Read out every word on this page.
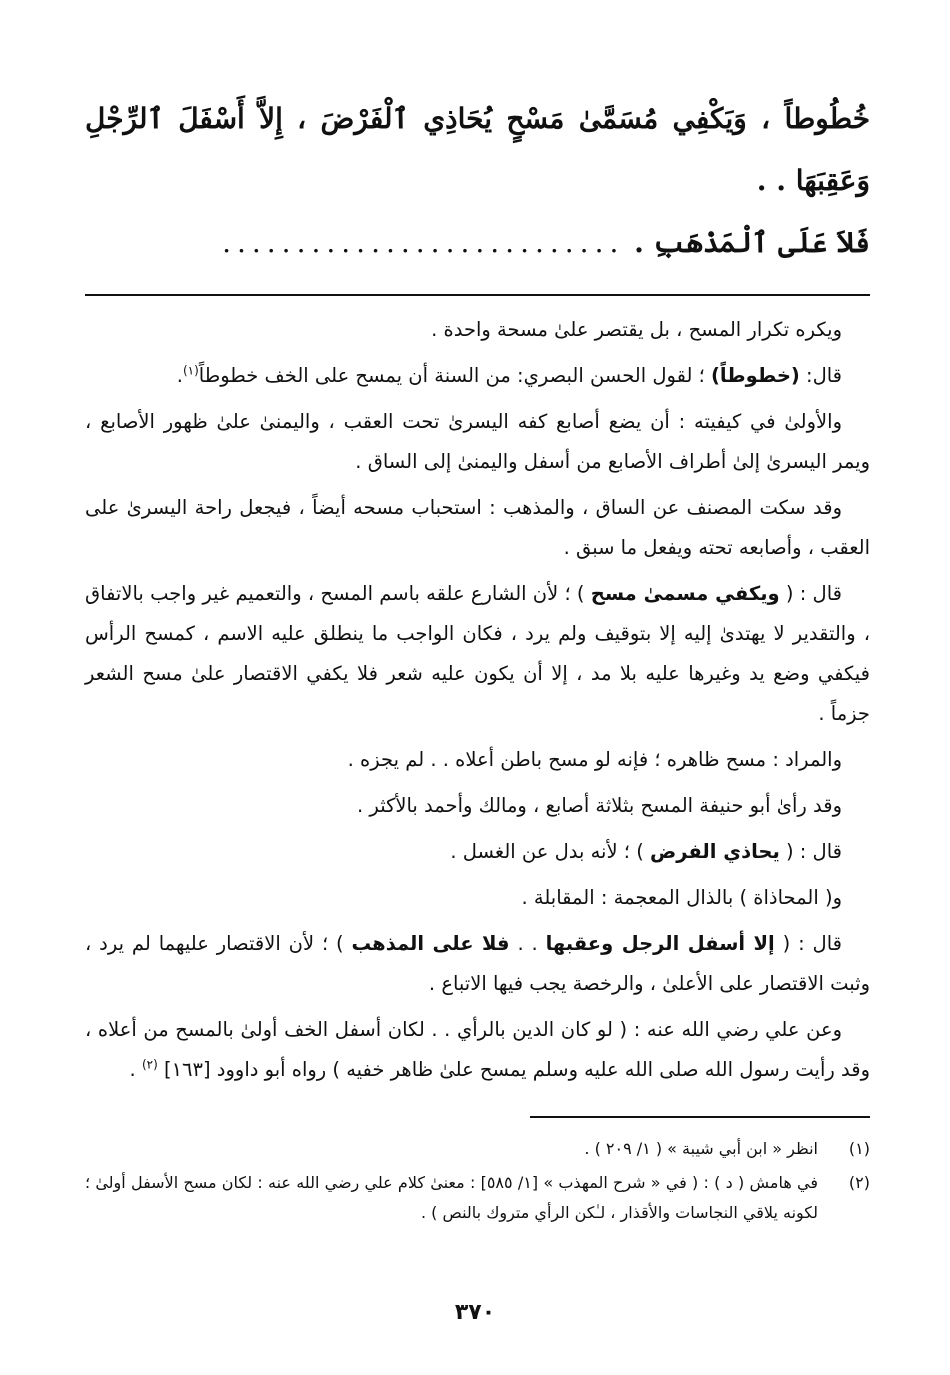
خُطُوطاً ، وَيَكْفِي مُسَمَّىٰ مَسْحٍ يُحَاذِي ٱلْفَرْضَ ، إِلاَّ أَسْفَلَ ٱلرِّجْلِ وَعَقِبَهَا . .

فَلاَ عَلَى ٱلْمَذْهَبِ . ...........................

ويكره تكرار المسح ، بل يقتصر علىٰ مسحة واحدة .

قال: (خطوطاً) ؛ لقول الحسن البصري: من السنة أن يمسح على الخف خطوطاً$^{(١)}$.

والأولىٰ في كيفيته : أن يضع أصابع كفه اليسرىٰ تحت العقب ، واليمنىٰ علىٰ ظهور الأصابع ، ويمر اليسرىٰ إلىٰ أطراف الأصابع من أسفل واليمنىٰ إلى الساق .

وقد سكت المصنف عن الساق ، والمذهب : استحباب مسحه أيضاً ، فيجعل راحة اليسرىٰ على العقب ، وأصابعه تحته ويفعل ما سبق .

قال : ( ويكفي مسمىٰ مسح ) ؛ لأن الشارع علقه باسم المسح ، والتعميم غير واجب بالاتفاق ، والتقدير لا يهتدىٰ إليه إلا بتوقيف ولم يرد ، فكان الواجب ما ينطلق عليه الاسم ، كمسح الرأس فيكفي وضع يد وغيرها عليه بلا مد ، إلا أن يكون عليه شعر فلا يكفي الاقتصار علىٰ مسح الشعر جزماً .

والمراد : مسح ظاهره ؛ فإنه لو مسح باطن أعلاه . . لم يجزه .

وقد رأىٰ أبو حنيفة المسح بثلاثة أصابع ، ومالك وأحمد بالأكثر .

قال : ( يحاذي الفرض ) ؛ لأنه بدل عن الغسل .

و( المحاذاة ) بالذال المعجمة : المقابلة .

قال : ( إلا أسفل الرجل وعقبها . . فلا على المذهب ) ؛ لأن الاقتصار عليهما لم يرد ، وثبت الاقتصار على الأعلىٰ ، والرخصة يجب فيها الاتباع .

وعن علي رضي الله عنه : ( لو كان الدين بالرأي . . لكان أسفل الخف أولىٰ بالمسح من أعلاه ، وقد رأيت رسول الله صلى الله عليه وسلم يمسح علىٰ ظاهر خفيه ) رواه أبو داوود [١٦٣] $^{(٢)}$ .

(١)
انظر « ابن أبي شيبة » ( ١/ ٢٠٩ ) .
(٢)
في هامش ( د ) : ( في « شرح المهذب » [١/ ٥٨٥] : معنىٰ كلام علي رضي الله عنه : لكان مسح الأسفل أولىٰ ؛ لكونه يلاقي النجاسات والأقذار ، لـٰكن الرأي متروك بالنص ) .
٣٧٠
